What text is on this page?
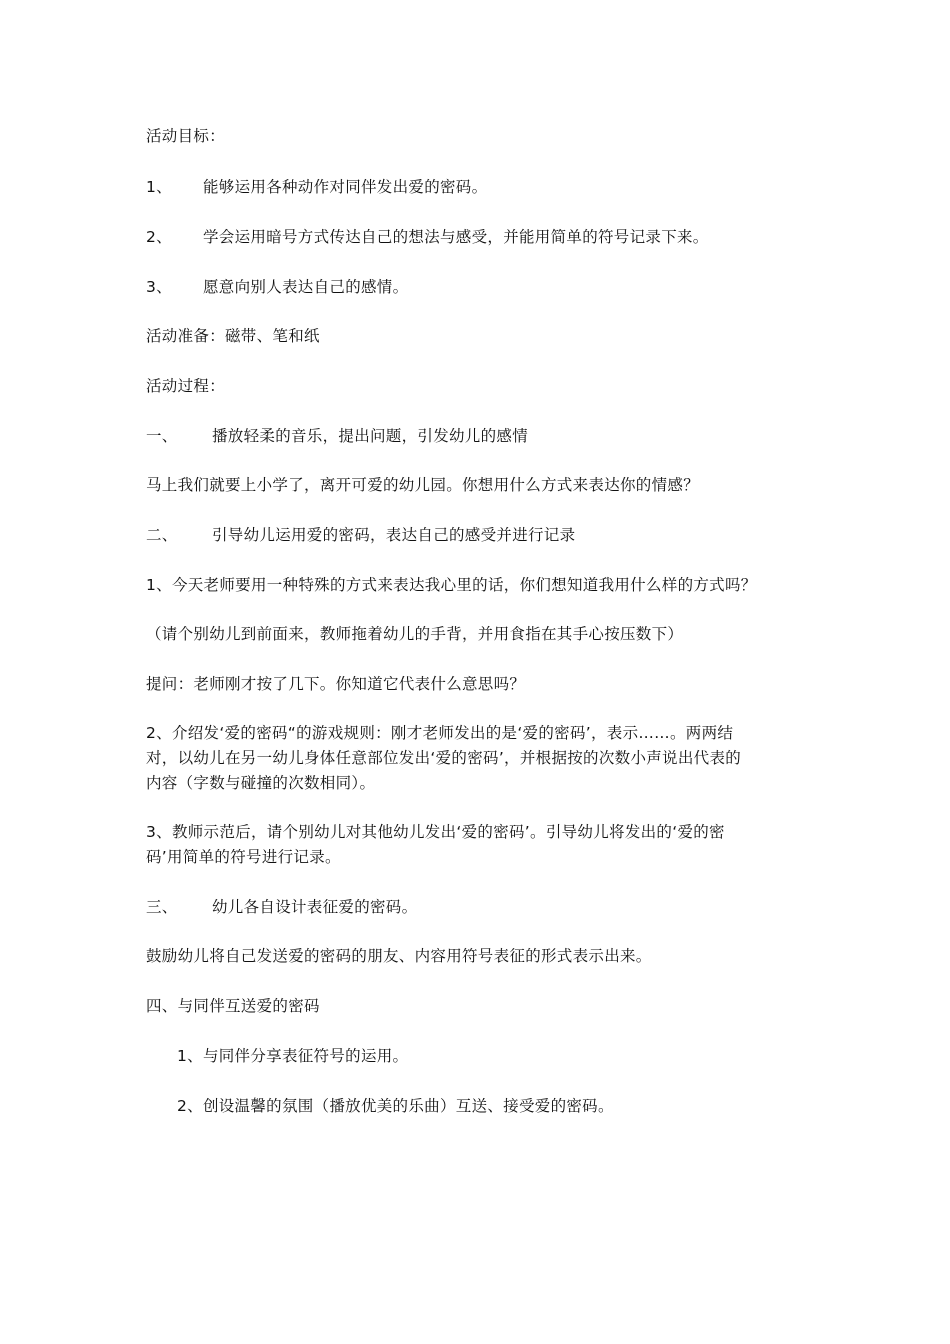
活动目标：
1、 能够运用各种动作对同伴发出爱的密码。
2、 学会运用暗号方式传达自己的想法与感受，并能用简单的符号记录下来。
3、 愿意向别人表达自己的感情。
活动准备：磁带、笔和纸
活动过程：
一、 播放轻柔的音乐，提出问题，引发幼儿的感情
马上我们就要上小学了，离开可爱的幼儿园。你想用什么方式来表达你的情感？
二、 引导幼儿运用爱的密码，表达自己的感受并进行记录
1、今天老师要用一种特殊的方式来表达我心里的话，你们想知道我用什么样的方式吗？
（请个别幼儿到前面来，教师拖着幼儿的手背，并用食指在其手心按压数下）
提问：老师刚才按了几下。你知道它代表什么意思吗？
2、介绍发‘爱的密码“的游戏规则：刚才老师发出的是‘爱的密码’，表示……。两两结
对，以幼儿在另一幼儿身体任意部位发出‘爱的密码’，并根据按的次数小声说出代表的
内容（字数与碰撞的次数相同）。
3、教师示范后，请个别幼儿对其他幼儿发出‘爱的密码’。引导幼儿将发出的‘爱的密
码’用简单的符号进行记录。
三、 幼儿各自设计表征爱的密码。
鼓励幼儿将自己发送爱的密码的朋友、内容用符号表征的形式表示出来。
四、与同伴互送爱的密码
1、与同伴分享表征符号的运用。
2、创设温馨的氛围（播放优美的乐曲）互送、接受爱的密码。
